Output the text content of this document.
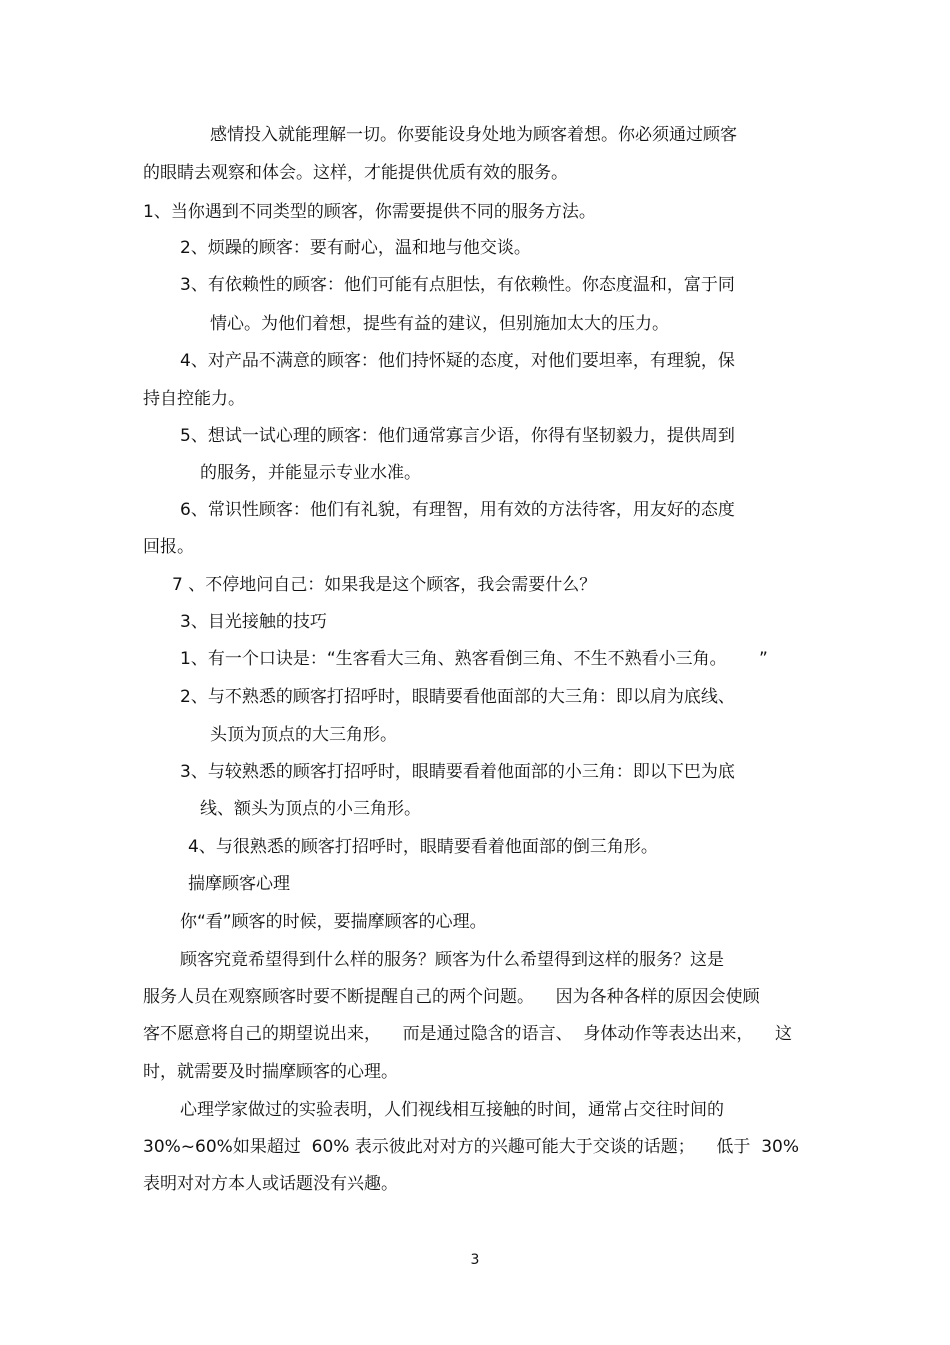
感情投入就能理解一切。你要能设身处地为顾客着想。你必须通过顾客
的眼睛去观察和体会。这样，才能提供优质有效的服务。
1、当你遇到不同类型的顾客，你需要提供不同的服务方法。
2、烦躁的顾客：要有耐心，温和地与他交谈。
3、有依赖性的顾客：他们可能有点胆怯，有依赖性。你态度温和，富于同
情心。为他们着想，提些有益的建议，但别施加太大的压力。
4、对产品不满意的顾客：他们持怀疑的态度，对他们要坦率，有理貌，保
持自控能力。
5、想试一试心理的顾客：他们通常寡言少语，你得有坚韧毅力，提供周到
的服务，并能显示专业水准。
6、常识性顾客：他们有礼貌，有理智，用有效的方法待客，用友好的态度
回报。
7 、不停地问自己：如果我是这个顾客，我会需要什么？
3、目光接触的技巧
1、有一个口诀是：“生客看大三角、熟客看倒三角、不生不熟看小三角。      ”
2、与不熟悉的顾客打招呼时，眼睛要看他面部的大三角：即以肩为底线、
头顶为顶点的大三角形。
3、与较熟悉的顾客打招呼时，眼睛要看着他面部的小三角：即以下巴为底
线、额头为顶点的小三角形。
4、与很熟悉的顾客打招呼时，眼睛要看着他面部的倒三角形。
揣摩顾客心理
你“看”顾客的时候，要揣摩顾客的心理。
顾客究竟希望得到什么样的服务？顾客为什么希望得到这样的服务？这是
服务人员在观察顾客时要不断提醒自己的两个问题。    因为各种各样的原因会使顾
客不愿意将自己的期望说出来，    而是通过隐含的语言、  身体动作等表达出来，    这
时，就需要及时揣摩顾客的心理。
心理学家做过的实验表明，人们视线相互接触的时间，通常占交往时间的
30%~60%如果超过  60% 表示彼此对对方的兴趣可能大于交谈的话题；    低于  30%
表明对对方本人或话题没有兴趣。
3
